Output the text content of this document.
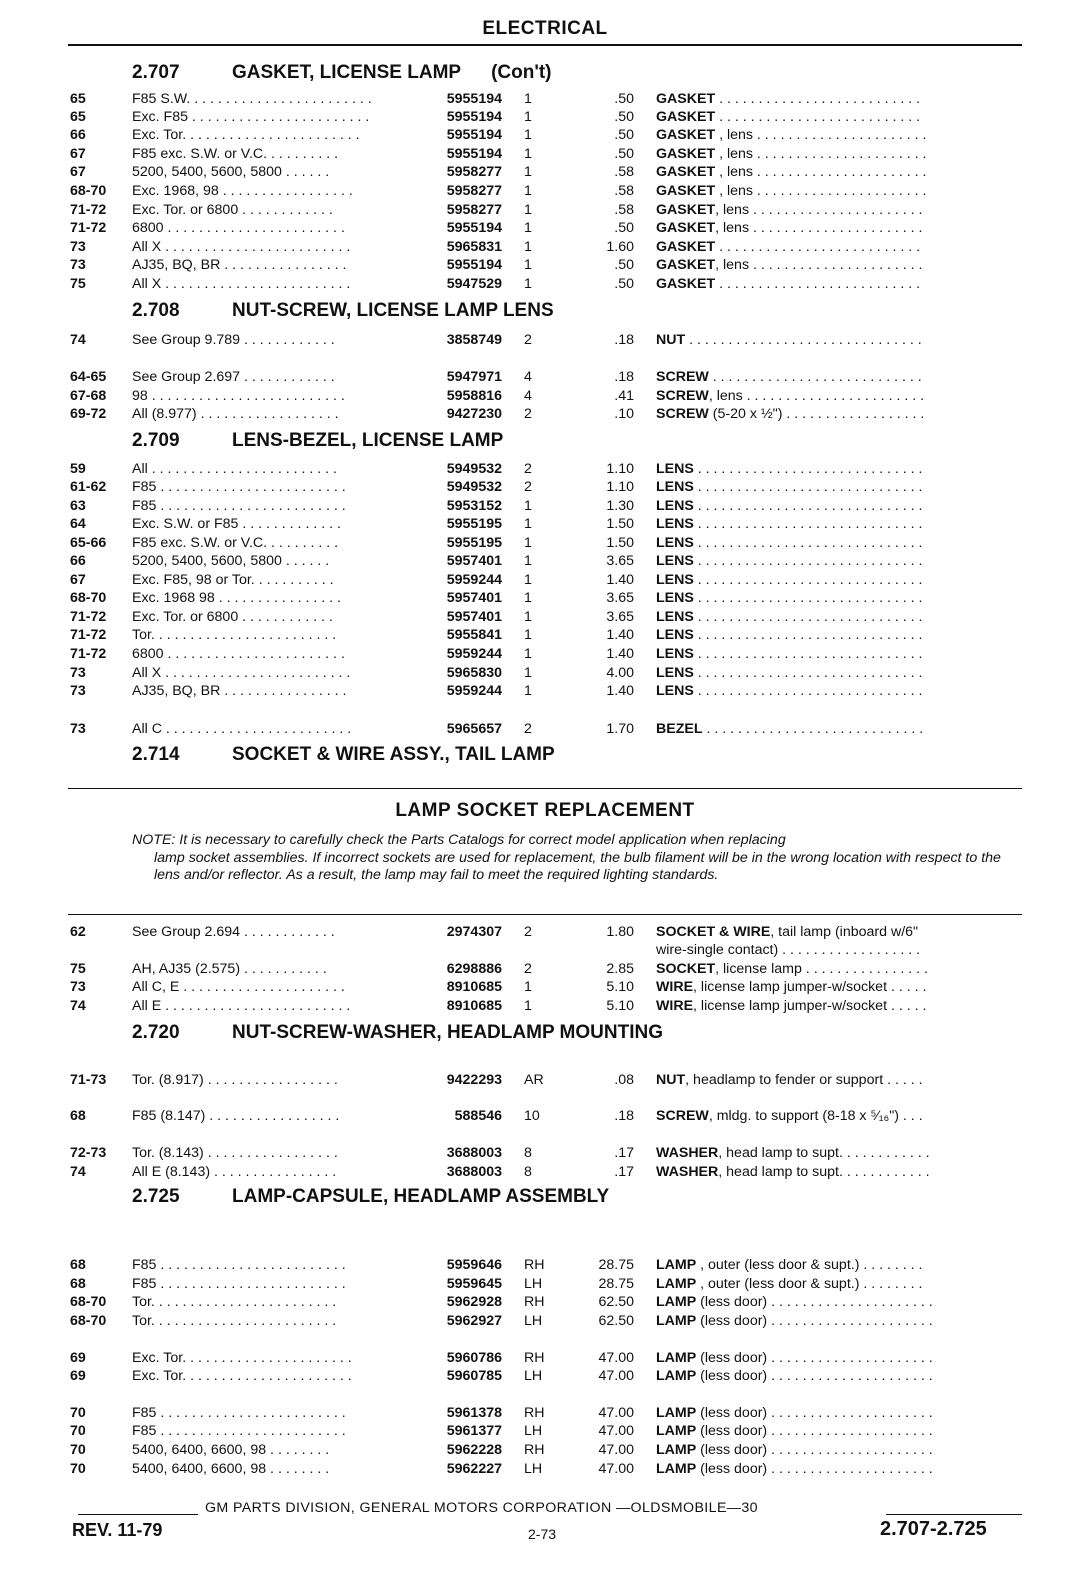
ELECTRICAL
LAMP SOCKET REPLACEMENT
NOTE: It is necessary to carefully check the Parts Catalogs for correct model application when replacing
lamp socket assemblies. If incorrect sockets are used for replacement, the bulb filament will be in the wrong location with respect to the lens and/or reflector. As a result, the lamp may fail to meet the required lighting standards.
GM PARTS DIVISION, GENERAL MOTORS CORPORATION —OLDSMOBILE—30
REV. 11-79	2-73	2.707-2.725
2.707	GASKET, LICENSE LAMP (Con't)
65	F85 S.W. . . . . . . . . . . . . . . . . . . . . . . .	5955194 1	.50 GASKET . . . . . . . . . . . . . . . . . . . . . . . . . .
65	Exc. F85 . . . . . . . . . . . . . . . . . . . . . . .	5955194 1	.50 GASKET . . . . . . . . . . . . . . . . . . . . . . . . . .
66	Exc. Tor. . . . . . . . . . . . . . . . . . . . . . .	5955194 1	.50 GASKET , lens . . . . . . . . . . . . . . . . . . . . . .
67	F85 exc. S.W. or V.C. . . . . . . . . .	5955194 1	.50 GASKET , lens . . . . . . . . . . . . . . . . . . . . . .
67	5200, 5400, 5600, 5800 . . . . . .	5958277 1	.58 GASKET , lens . . . . . . . . . . . . . . . . . . . . . .
68-70 Exc. 1968, 98 . . . . . . . . . . . . . . . . .	5958277 1	.58 GASKET , lens . . . . . . . . . . . . . . . . . . . . . .
71-72 Exc. Tor. or 6800 . . . . . . . . . . . .	5958277 1	.58 GASKET, lens . . . . . . . . . . . . . . . . . . . . . .
71-72 6800 . . . . . . . . . . . . . . . . . . . . . . .	5955194 1	.50 GASKET, lens . . . . . . . . . . . . . . . . . . . . . .
73	All X . . . . . . . . . . . . . . . . . . . . . . . .	5965831 1	1.60 GASKET . . . . . . . . . . . . . . . . . . . . . . . . . .
73	AJ35, BQ, BR . . . . . . . . . . . . . . . .	5955194 1	.50 GASKET, lens . . . . . . . . . . . . . . . . . . . . . .
75	All X . . . . . . . . . . . . . . . . . . . . . . . .	5947529 1	.50 GASKET . . . . . . . . . . . . . . . . . . . . . . . . . .
2.708	NUT-SCREW, LICENSE LAMP LENS
74	See Group 9.789 . . . . . . . . . . . .	3858749 2	.18 NUT . . . . . . . . . . . . . . . . . . . . . . . . . . . . . .
64-65 See Group 2.697 . . . . . . . . . . . .	5947971 4	.18 SCREW . . . . . . . . . . . . . . . . . . . . . . . . . . .
67-68 98 . . . . . . . . . . . . . . . . . . . . . . . . .	5958816 4	.41 SCREW, lens . . . . . . . . . . . . . . . . . . . . . . .
69-72 All (8.977) . . . . . . . . . . . . . . . . . .	9427230 2	.10 SCREW (5-20 x ½") . . . . . . . . . . . . . . . . . .
2.709	LENS-BEZEL, LICENSE LAMP
59	All . . . . . . . . . . . . . . . . . . . . . . . .	5949532 2	1.10 LENS . . . . . . . . . . . . . . . . . . . . . . . . . . . . .
61-62 F85 . . . . . . . . . . . . . . . . . . . . . . . .	5949532 2	1.10 LENS . . . . . . . . . . . . . . . . . . . . . . . . . . . . .
63	F85 . . . . . . . . . . . . . . . . . . . . . . . .	5953152 1	1.30 LENS . . . . . . . . . . . . . . . . . . . . . . . . . . . . .
64	Exc. S.W. or F85 . . . . . . . . . . . . .	5955195 1	1.50 LENS . . . . . . . . . . . . . . . . . . . . . . . . . . . . .
65-66 F85 exc. S.W. or V.C. . . . . . . . . .	5955195 1	1.50 LENS . . . . . . . . . . . . . . . . . . . . . . . . . . . . .
66	5200, 5400, 5600, 5800 . . . . . .	5957401 1	3.65 LENS . . . . . . . . . . . . . . . . . . . . . . . . . . . . .
67	Exc. F85, 98 or Tor. . . . . . . . . . .	5959244 1	1.40 LENS . . . . . . . . . . . . . . . . . . . . . . . . . . . . .
68-70 Exc. 1968 98 . . . . . . . . . . . . . . . .	5957401 1	3.65 LENS . . . . . . . . . . . . . . . . . . . . . . . . . . . . .
71-72 Exc. Tor. or 6800 . . . . . . . . . . . .	5957401 1	3.65 LENS . . . . . . . . . . . . . . . . . . . . . . . . . . . . .
71-72 Tor. . . . . . . . . . . . . . . . . . . . . . . .	5955841 1	1.40 LENS . . . . . . . . . . . . . . . . . . . . . . . . . . . . .
71-72 6800 . . . . . . . . . . . . . . . . . . . . . . .	5959244 1	1.40 LENS . . . . . . . . . . . . . . . . . . . . . . . . . . . . .
73	All X . . . . . . . . . . . . . . . . . . . . . . . .	5965830 1	4.00 LENS . . . . . . . . . . . . . . . . . . . . . . . . . . . . .
73	AJ35, BQ, BR . . . . . . . . . . . . . . . .	5959244 1	1.40 LENS . . . . . . . . . . . . . . . . . . . . . . . . . . . . .
73	All C . . . . . . . . . . . . . . . . . . . . . . . .	5965657 2	1.70 BEZEL . . . . . . . . . . . . . . . . . . . . . . . . . . . .
2.714	SOCKET & WIRE ASSY., TAIL LAMP
62	See Group 2.694 . . . . . . . . . . . .	2974307 2	1.80 SOCKET & WIRE, tail lamp (inboard w/6"
wire-single contact) . . . . . . . . . . . . . . . . . .
75	AH, AJ35 (2.575) . . . . . . . . . . .	6298886 2	2.85 SOCKET, license lamp . . . . . . . . . . . . . . . .
73	All C, E . . . . . . . . . . . . . . . . . . . . .	8910685 1	5.10 WIRE, license lamp jumper-w/socket . . . . .
74	All E . . . . . . . . . . . . . . . . . . . . . . . .	8910685 1	5.10 WIRE, license lamp jumper-w/socket . . . . .
2.720	NUT-SCREW-WASHER, HEADLAMP MOUNTING
71-73 Tor. (8.917) . . . . . . . . . . . . . . . . .	9422293 AR	.08 NUT, headlamp to fender or support . . . . .
68	F85 (8.147) . . . . . . . . . . . . . . . . .	588546 10	.18 SCREW, mldg. to support (8-18 x ⁵⁄₁₆") . . .
72-73 Tor. (8.143) . . . . . . . . . . . . . . . . .	3688003 8	.17 WASHER, head lamp to supt. . . . . . . . . . . .
74	All E (8.143) . . . . . . . . . . . . . . . .	3688003 8	.17 WASHER, head lamp to supt. . . . . . . . . . . .
2.725	LAMP-CAPSULE, HEADLAMP ASSEMBLY
68	F85 . . . . . . . . . . . . . . . . . . . . . . . .	5959646 RH	28.75 LAMP , outer (less door & supt.) . . . . . . . .
68	F85 . . . . . . . . . . . . . . . . . . . . . . . .	5959645 LH	28.75 LAMP , outer (less door & supt.) . . . . . . . .
68-70 Tor. . . . . . . . . . . . . . . . . . . . . . . .	5962928 RH	62.50 LAMP (less door) . . . . . . . . . . . . . . . . . . . . .
68-70 Tor. . . . . . . . . . . . . . . . . . . . . . . .	5962927 LH	62.50 LAMP (less door) . . . . . . . . . . . . . . . . . . . . .
69	Exc. Tor. . . . . . . . . . . . . . . . . . . . . .	5960786 RH	47.00 LAMP (less door) . . . . . . . . . . . . . . . . . . . . .
69	Exc. Tor. . . . . . . . . . . . . . . . . . . . . .	5960785 LH	47.00 LAMP (less door) . . . . . . . . . . . . . . . . . . . . .
70	F85 . . . . . . . . . . . . . . . . . . . . . . . .	5961378 RH	47.00 LAMP (less door) . . . . . . . . . . . . . . . . . . . . .
70	F85 . . . . . . . . . . . . . . . . . . . . . . . .	5961377 LH	47.00 LAMP (less door) . . . . . . . . . . . . . . . . . . . . .
70	5400, 6400, 6600, 98 . . . . . . . .	5962228 RH	47.00 LAMP (less door) . . . . . . . . . . . . . . . . . . . . .
70	5400, 6400, 6600, 98 . . . . . . . .	5962227 LH	47.00 LAMP (less door) . . . . . . . . . . . . . . . . . . . . .
